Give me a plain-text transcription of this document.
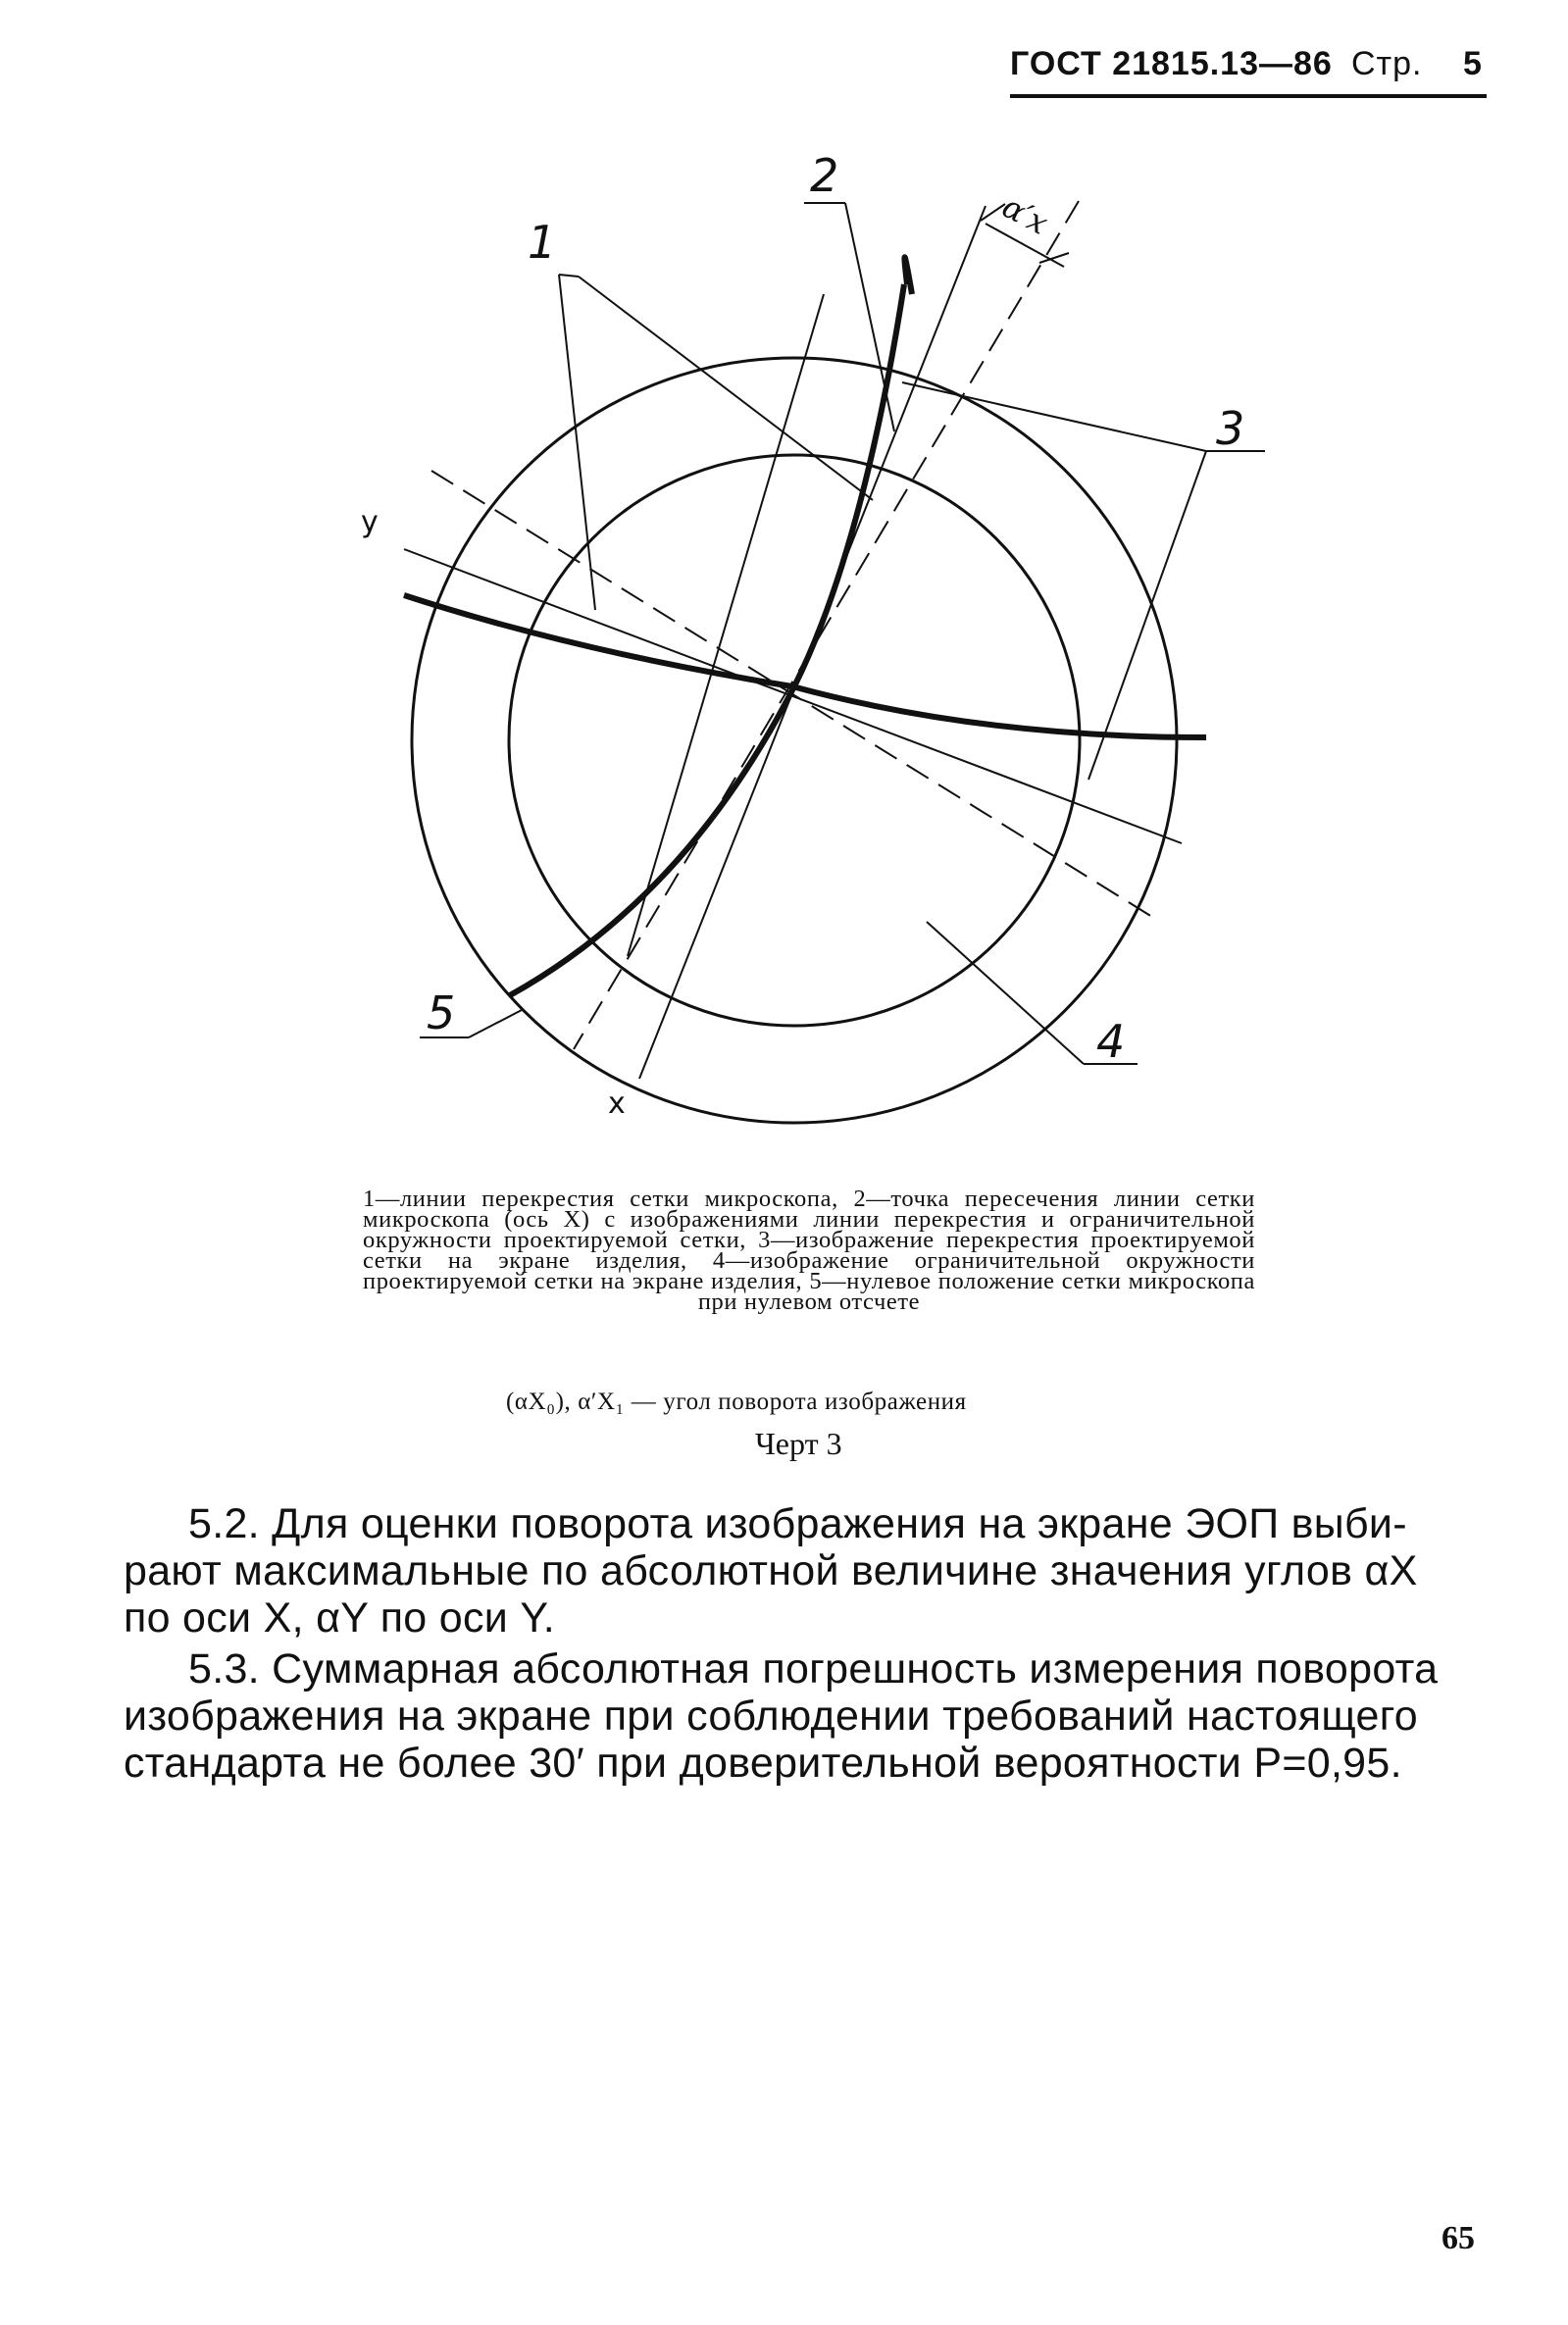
ГОСТ 21815.13—86 Стр. 5
1
2
3
4
5
у
х
α′x
1—линии перекрестия сетки микроскопа, 2—точка пересечения линии сетки микроскопа (ось X) с изображениями линии перекрестия и ограничительной окружности проектируемой сетки, 3—изображение перекрестия проектируемой сетки на экране изделия, 4—изображение ограничительной окружности проектируемой сетки на экране изделия, 5—нулевое положение сетки микроскопа при нулевом отсчете
(αX₀), α′X₁ — угол поворота изображения
Черт 3
5.2. Для оценки поворота изображения на экране ЭОП выби-
рают максимальные по абсолютной величине значения углов αX
по оси X, αY по оси Y.
5.3. Суммарная абсолютная погрешность измерения поворота
изображения на экране при соблюдении требований настоящего
стандарта не более 30′ при доверительной вероятности P=0,95.
65
